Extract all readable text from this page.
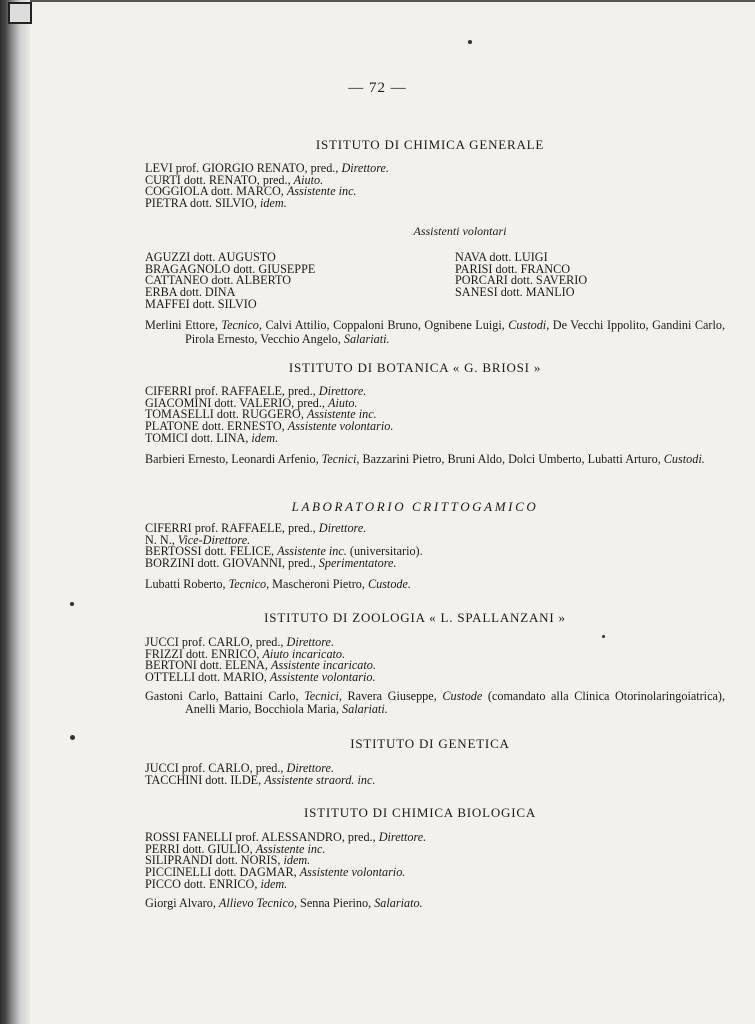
— 72 —
ISTITUTO DI CHIMICA GENERALE
LEVI prof. GIORGIO RENATO, pred., Direttore.
CURTI dott. RENATO, pred., Aiuto.
COGGIOLA dott. MARCO, Assistente inc.
PIETRA dott. SILVIO, idem.
Assistenti volontari
AGUZZI dott. AUGUSTO
BRAGAGNOLO dott. GIUSEPPE
CATTANEO dott. ALBERTO
ERBA dott. DINA
MAFFEI dott. SILVIO
NAVA dott. LUIGI
PARISI dott. FRANCO
PORCARI dott. SAVERIO
SANESI dott. MANLIO
Merlini Ettore, Tecnico, Calvi Attilio, Coppaloni Bruno, Ognibene Luigi, Custodi, De Vecchi Ippolito, Gandini Carlo, Pirola Ernesto, Vecchio Angelo, Salariati.
ISTITUTO DI BOTANICA « G. BRIOSI »
CIFERRI prof. RAFFAELE, pred., Direttore.
GIACOMINI dott. VALERIO, pred., Aiuto.
TOMASELLI dott. RUGGERO, Assistente inc.
PLATONE dott. ERNESTO, Assistente volontario.
TOMICI dott. LINA, idem.
Barbieri Ernesto, Leonardi Arfenio, Tecnici, Bazzarini Pietro, Bruni Aldo, Dolci Umberto, Lubatti Arturo, Custodi.
LABORATORIO CRITTOGAMICO
CIFERRI prof. RAFFAELE, pred., Direttore.
N. N., Vice-Direttore.
BERTOSSI dott. FELICE, Assistente inc. (universitario).
BORZINI dott. GIOVANNI, pred., Sperimentatore.
Lubatti Roberto, Tecnico, Mascheroni Pietro, Custode.
ISTITUTO DI ZOOLOGIA « L. SPALLANZANI »
JUCCI prof. CARLO, pred., Direttore.
FRIZZI dott. ENRICO, Aiuto incaricato.
BERTONI dott. ELENA, Assistente incaricato.
OTTELLI dott. MARIO, Assistente volontario.
Gastoni Carlo, Battaini Carlo, Tecnici, Ravera Giuseppe, Custode (comandato alla Clinica Otorinolaringoiatrica), Anelli Mario, Bocchiola Maria, Salariati.
ISTITUTO DI GENETICA
JUCCI prof. CARLO, pred., Direttore.
TACCHINI dott. ILDE, Assistente straord. inc.
ISTITUTO DI CHIMICA BIOLOGICA
ROSSI FANELLI prof. ALESSANDRO, pred., Direttore.
PERRI dott. GIULIO, Assistente inc.
SILIPRANDI dott. NORIS, idem.
PICCINELLI dott. DAGMAR, Assistente volontario.
PICCO dott. ENRICO, idem.
Giorgi Alvaro, Allievo Tecnico, Senna Pierino, Salariato.
